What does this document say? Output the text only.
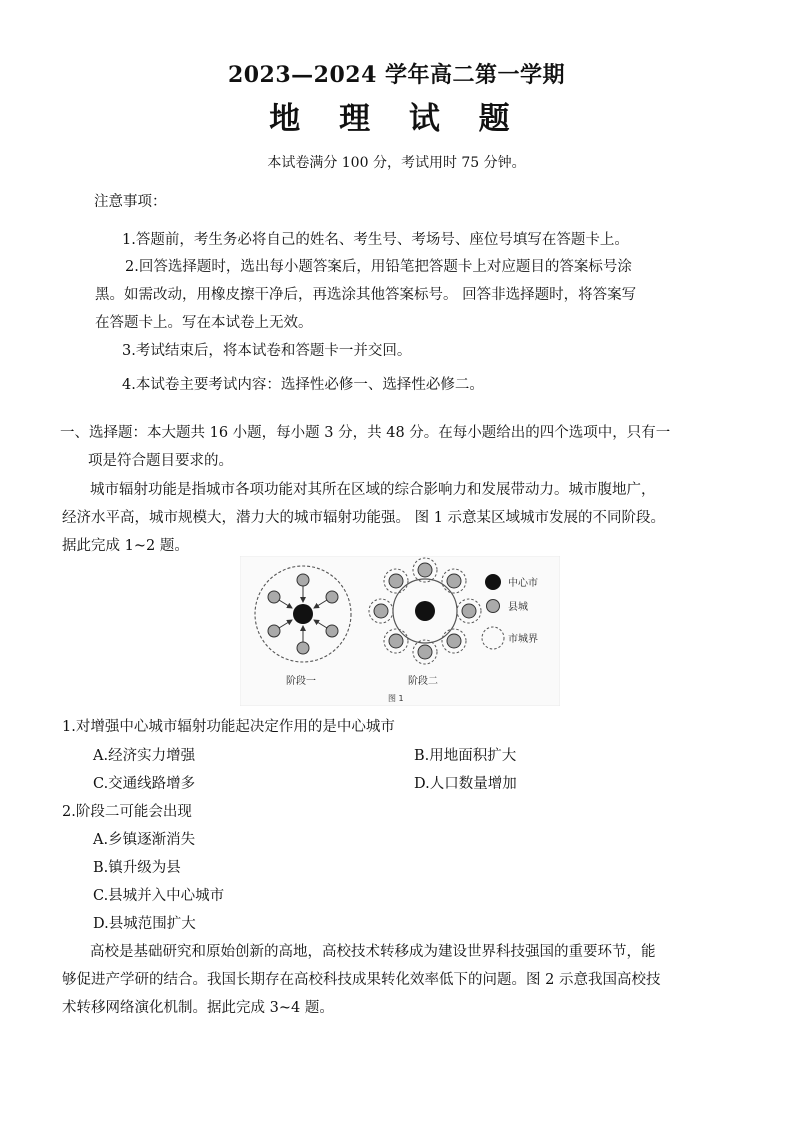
2023—2024 学年高二第一学期
地 理 试 题
本试卷满分 100 分，考试用时 75 分钟。
注意事项：
1.答题前，考生务必将自己的姓名、考生号、考场号、座位号填写在答题卡上。
2.回答选择题时，选出每小题答案后，用铅笔把答题卡上对应题目的答案标号涂
黑。如需改动，用橡皮擦干净后，再选涂其他答案标号。 回答非选择题时，将答案写
在答题卡上。写在本试卷上无效。
3.考试结束后，将本试卷和答题卡一并交回。
4.本试卷主要考试内容：选择性必修一、选择性必修二。
一、选择题：本大题共 16 小题，每小题 3 分，共 48 分。在每小题给出的四个选项中，只有一
项是符合题目要求的。
城市辐射功能是指城市各项功能对其所在区域的综合影响力和发展带动力。城市腹地广，
经济水平高，城市规模大，潜力大的城市辐射功能强。 图 1 示意某区域城市发展的不同阶段。
据此完成 1~2 题。
中心市
县城
市城界
阶段一	阶段二
图 1
1.对增强中心城市辐射功能起决定作用的是中心城市
A.经济实力增强	B.用地面积扩大
C.交通线路增多	D.人口数量增加
2.阶段二可能会出现
A.乡镇逐渐消失
B.镇升级为县
C.县城并入中心城市
D.县城范围扩大
高校是基础研究和原始创新的高地，高校技术转移成为建设世界科技强国的重要环节，能
够促进产学研的结合。我国长期存在高校科技成果转化效率低下的问题。图 2 示意我国高校技
术转移网络演化机制。据此完成 3~4 题。
